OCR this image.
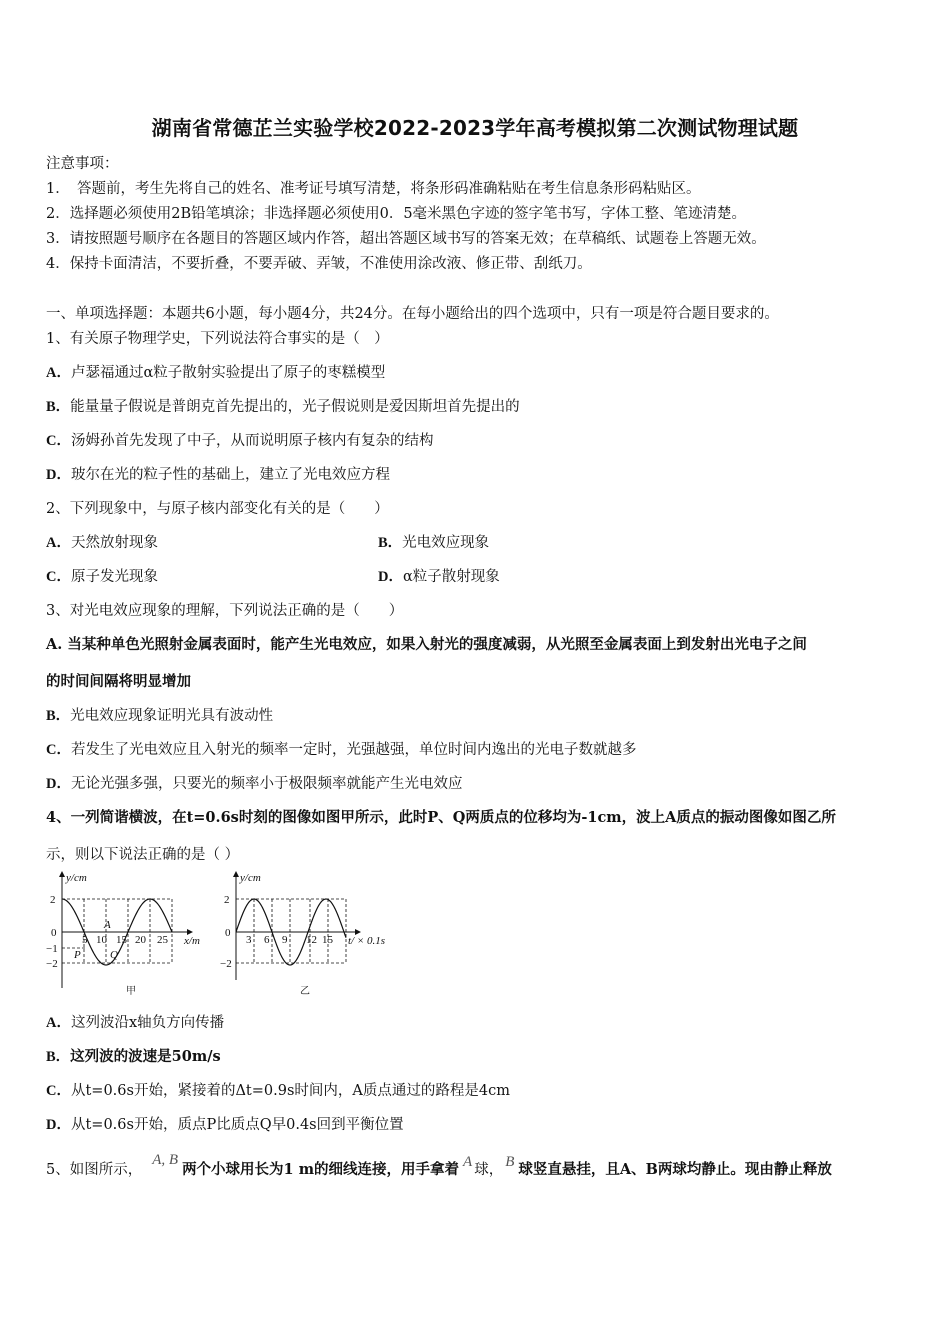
湖南省常德芷兰实验学校2022-2023学年高考模拟第二次测试物理试题
注意事项：
1．　答题前，考生先将自己的姓名、准考证号填写清楚，将条形码准确粘贴在考生信息条形码粘贴区。
2．选择题必须使用2B铅笔填涂；非选择题必须使用0．5毫米黑色字迹的签字笔书写，字体工整、笔迹清楚。
3．请按照题号顺序在各题目的答题区域内作答，超出答题区域书写的答案无效；在草稿纸、试题卷上答题无效。
4．保持卡面清洁，不要折叠，不要弄破、弄皱，不准使用涂改液、修正带、刮纸刀。
一、单项选择题：本题共6小题，每小题4分，共24分。在每小题给出的四个选项中，只有一项是符合题目要求的。
1、有关原子物理学史，下列说法符合事实的是（　）
A．卢瑟福通过α粒子散射实验提出了原子的枣糕模型
B．能量量子假说是普朗克首先提出的，光子假说则是爱因斯坦首先提出的
C．汤姆孙首先发现了中子，从而说明原子核内有复杂的结构
D．玻尔在光的粒子性的基础上，建立了光电效应方程
2、下列现象中，与原子核内部变化有关的是（　　）
A．天然放射现象	B．光电效应现象
C．原子发光现象	D．α粒子散射现象
3、对光电效应现象的理解，下列说法正确的是（　　）
A. 当某种单色光照射金属表面时，能产生光电效应，如果入射光的强度减弱，从光照至金属表面上到发射出光电子之间
的时间间隔将明显增加
B．光电效应现象证明光具有波动性
C．若发生了光电效应且入射光的频率一定时，光强越强，单位时间内逸出的光电子数就越多
D．无论光强多强，只要光的频率小于极限频率就能产生光电效应
4、一列简谐横波，在t=0.6s时刻的图像如图甲所示，此时P、Q两质点的位移均为-1cm，波上A质点的振动图像如图乙所
示，则以下说法正确的是（ ）
2
0
−1
−2
5 10 15 20 25
y/cm
x/m
A
P	Q
甲
2
0
−2
3 6 9 12 15
y/cm
t/ × 0.1s
乙
A．这列波沿x轴负方向传播
B．这列波的波速是50m/s
C．从t=0.6s开始，紧接着的Δt=0.9s时间内，A质点通过的路程是4cm
D．从t=0.6s开始，质点P比质点Q早0.4s回到平衡位置
5、如图所示，A, B两个小球用长为1 m的细线连接，用手拿着 A 球， B 球竖直悬挂，且A、B两球均静止。现由静止释放
